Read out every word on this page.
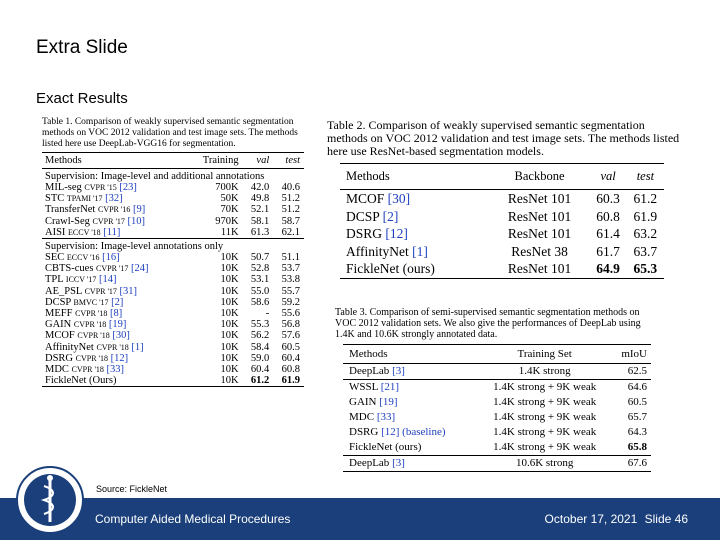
Extra Slide
Exact Results
Table 1. Comparison of weakly supervised semantic segmentation methods on VOC 2012 validation and test image sets. The methods listed here use DeepLab-VGG16 for segmentation.
Methods	Training	val	test
Supervision: Image-level and additional annotations			
MIL-seg CVPR '15 [23]	700K	42.0	40.6
STC TPAMI '17 [32]	50K	49.8	51.2
TransferNet CVPR '16 [9]	70K	52.1	51.2
Crawl-Seg CVPR '17 [10]	970K	58.1	58.7
AISI ECCV '18 [11]	11K	61.3	62.1
Supervision: Image-level annotations only			
SEC ECCV '16 [16]	10K	50.7	51.1
CBTS-cues CVPR '17 [24]	10K	52.8	53.7
TPL ICCV '17 [14]	10K	53.1	53.8
AE_PSL CVPR '17 [31]	10K	55.0	55.7
DCSP BMVC '17 [2]	10K	58.6	59.2
MEFF CVPR '18 [8]	10K	-	55.6
GAIN CVPR '18 [19]	10K	55.3	56.8
MCOF CVPR '18 [30]	10K	56.2	57.6
AffinityNet CVPR '18 [1]	10K	58.4	60.5
DSRG CVPR '18 [12]	10K	59.0	60.4
MDC CVPR '18 [33]	10K	60.4	60.8
FickleNet (Ours)	10K	61.2	61.9
Table 2. Comparison of weakly supervised semantic segmentation methods on VOC 2012 validation and test image sets. The methods listed here use ResNet-based segmentation models.
Methods	Backbone	val	test
MCOF [30]	ResNet 101	60.3	61.2
DCSP [2]	ResNet 101	60.8	61.9
DSRG [12]	ResNet 101	61.4	63.2
AffinityNet [1]	ResNet 38	61.7	63.7
FickleNet (ours)	ResNet 101	64.9	65.3
Table 3. Comparison of semi-supervised semantic segmentation methods on VOC 2012 validation sets. We also give the performances of DeepLab using 1.4K and 10.6K strongly annotated data.
Methods	Training Set	mIoU
DeepLab [3]	1.4K strong	62.5
WSSL [21]	1.4K strong + 9K weak	64.6
GAIN [19]	1.4K strong + 9K weak	60.5
MDC [33]	1.4K strong + 9K weak	65.7
DSRG [12] (baseline)	1.4K strong + 9K weak	64.3
FickleNet (ours)	1.4K strong + 9K weak	65.8
DeepLab [3]	10.6K strong	67.6
Source: FickleNet
Computer Aided Medical Procedures	October 17, 2021 Slide 46
